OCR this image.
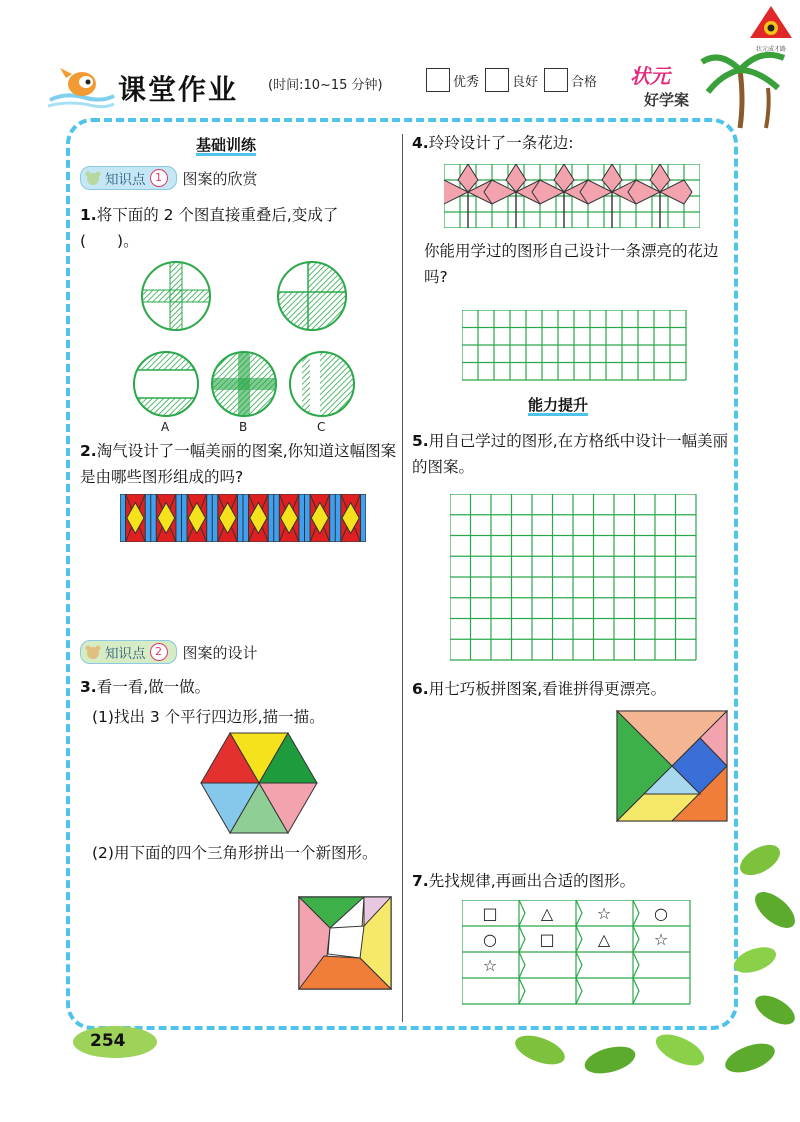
状元成才路
课堂作业 (时间:10~15 分钟)	优秀	良好	合格 状元
好学案
254
基础训练
知识点 1	图案的欣赏
1.将下面的 2 个图直接重叠后,变成了(　　)。
A	B	C
2.淘气设计了一幅美丽的图案,你知道这幅图案是由哪些图形组成的吗?
知识点 2	图案的设计
3.看一看,做一做。
(1)找出 3 个平行四边形,描一描。
(2)用下面的四个三角形拼出一个新图形。
4.玲玲设计了一条花边:
你能用学过的图形自己设计一条漂亮的花边吗?
能力提升
5.用自己学过的图形,在方格纸中设计一幅美丽的图案。
6.用七巧板拼图案,看谁拼得更漂亮。
7.先找规律,再画出合适的图形。
□	△	☆	○
○	□	△	☆
☆
